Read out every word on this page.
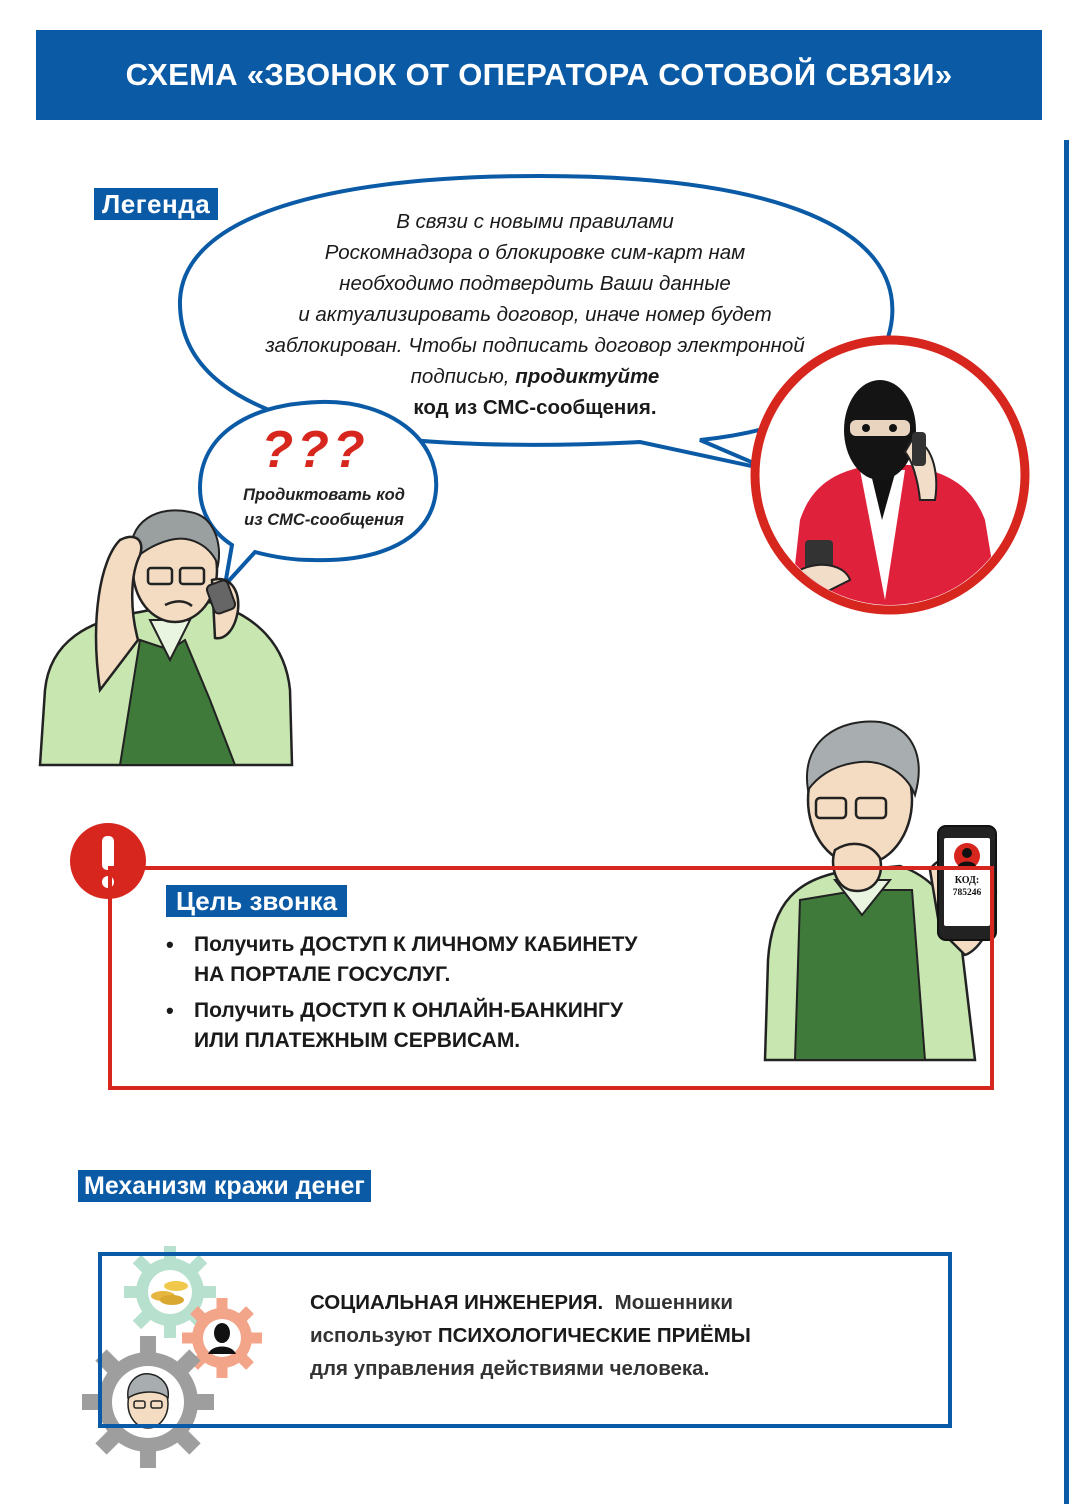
СХЕМА «ЗВОНОК ОТ ОПЕРАТОРА СОТОВОЙ СВЯЗИ»
Легенда
В связи с новыми правилами
Роскомнадзора о блокировке сим-карт нам
необходимо подтвердить Ваши данные
и актуализировать договор, иначе номер будет
заблокирован. Чтобы подписать договор электронной
подписью, продиктуйте
код из СМС-сообщения.
???
Продиктовать код
из СМС-сообщения
КОД:
785246
Цель звонка
• Получить ДОСТУП К ЛИЧНОМУ КАБИНЕТУ
НА ПОРТАЛЕ ГОСУСЛУГ.
• Получить ДОСТУП К ОНЛАЙН-БАНКИНГУ
ИЛИ ПЛАТЕЖНЫМ СЕРВИСАМ.
Механизм кражи денег
СОЦИАЛЬНАЯ ИНЖЕНЕРИЯ. Мошенники
используют ПСИХОЛОГИЧЕСКИЕ ПРИЁМЫ
для управления действиями человека.
